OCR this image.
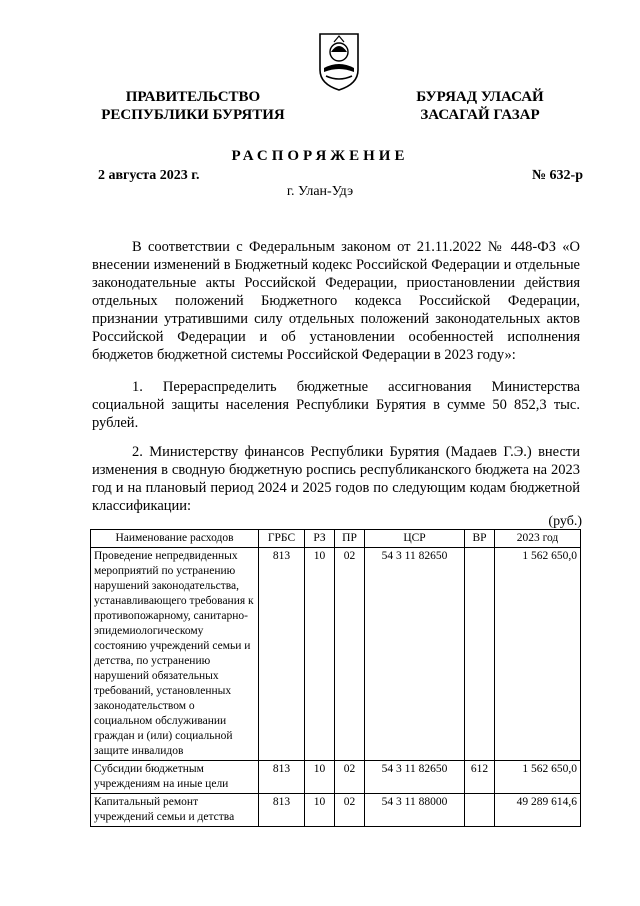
ПРАВИТЕЛЬСТВО
РЕСПУБЛИКИ БУРЯТИЯ
БУРЯАД УЛАСАЙ
ЗАСАГАЙ ГАЗАР
РАСПОРЯЖЕНИЕ
2 августа 2023 г.	№ 632-р
г. Улан-Удэ

В соответствии с Федеральным законом от 21.11.2022 № 448-ФЗ «О внесении изменений в Бюджетный кодекс Российской Федерации и отдельные законодательные акты Российской Федерации, приостановлении действия отдельных положений Бюджетного кодекса Российской Федерации, признании утратившими силу отдельных положений законодательных актов Российской Федерации и об установлении особенностей исполнения бюджетов бюджетной системы Российской Федерации в 2023 году»:

1. Перераспределить бюджетные ассигнования Министерства социальной защиты населения Республики Бурятия в сумме 50 852,3 тыс. рублей.

2. Министерству финансов Республики Бурятия (Мадаев Г.Э.) внести изменения в сводную бюджетную роспись республиканского бюджета на 2023 год и на плановый период 2024 и 2025 годов по следующим кодам бюджетной классификации:

(руб.)
Наименование расходов	ГРБС	РЗ	ПР	ЦСР	ВР	2023 год
Проведение непредвиденных мероприятий по устранению нарушений законодательства, устанавливающего требования к противопожарному, санитарно-эпидемиологическому состоянию учреждений семьи и детства, по устранению нарушений обязательных требований, установленных законодательством о социальном обслуживании граждан и (или) социальной защите инвалидов	813	10	02	54 3 11 82650		1 562 650,0
Субсидии бюджетным учреждениям на иные цели	813	10	02	54 3 11 82650	612	1 562 650,0
Капитальный ремонт учреждений семьи и детства	813	10	02	54 3 11 88000		49 289 614,6
